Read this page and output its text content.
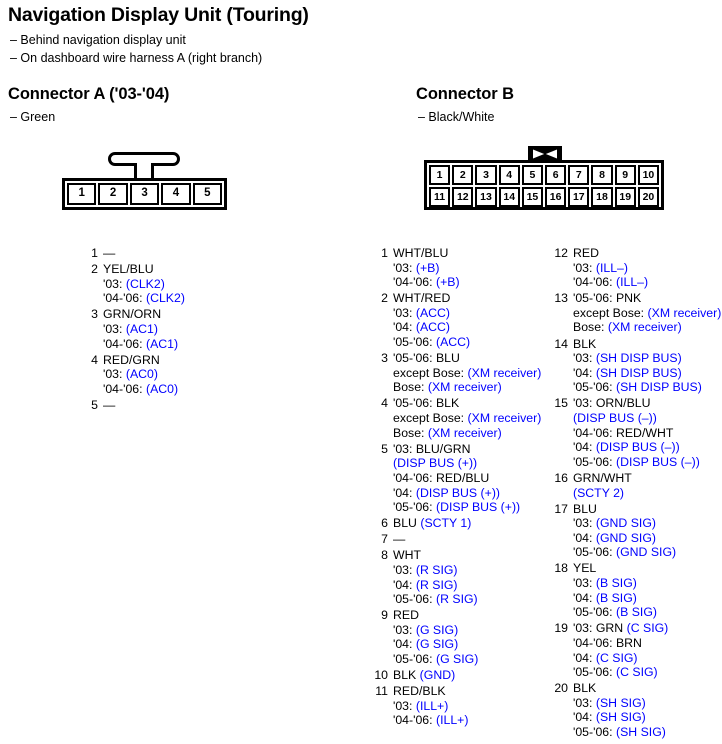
Navigation Display Unit (Touring)
– Behind navigation display unit
– On dashboard wire harness A (right branch)
Connector A ('03-'04)
– Green
1	2	3	4	5
Connector B
– Black/White
1	2	3	4	5	6	7	8	9	10
11	12	13	14	15	16	17	18	19	20
1 —
2 YEL/BLU
'03: (CLK2)
'04-'06: (CLK2)
3 GRN/ORN
'03: (AC1)
'04-'06: (AC1)
4 RED/GRN
'03: (AC0)
'04-'06: (AC0)
5 —
1 WHT/BLU
'03: (+B)
'04-'06: (+B)
2 WHT/RED
'03: (ACC)
'04: (ACC)
'05-'06: (ACC)
3 '05-'06: BLU
except Bose: (XM receiver)
Bose: (XM receiver)
4 '05-'06: BLK
except Bose: (XM receiver)
Bose: (XM receiver)
5 '03: BLU/GRN
(DISP BUS (+))
'04-'06: RED/BLU
'04: (DISP BUS (+))
'05-'06: (DISP BUS (+))
6 BLU (SCTY 1)
7 —
8 WHT
'03: (R SIG)
'04: (R SIG)
'05-'06: (R SIG)
9 RED
'03: (G SIG)
'04: (G SIG)
'05-'06: (G SIG)
10 BLK (GND)
11 RED/BLK
'03: (ILL+)
'04-'06: (ILL+)
12 RED
'03: (ILL–)
'04-'06: (ILL–)
13 '05-'06: PNK
except Bose: (XM receiver)
Bose: (XM receiver)
14 BLK
'03: (SH DISP BUS)
'04: (SH DISP BUS)
'05-'06: (SH DISP BUS)
15 '03: ORN/BLU
(DISP BUS (–))
'04-'06: RED/WHT
'04: (DISP BUS (–))
'05-'06: (DISP BUS (–))
16 GRN/WHT
(SCTY 2)
17 BLU
'03: (GND SIG)
'04: (GND SIG)
'05-'06: (GND SIG)
18 YEL
'03: (B SIG)
'04: (B SIG)
'05-'06: (B SIG)
19 '03: GRN (C SIG)
'04-'06: BRN
'04: (C SIG)
'05-'06: (C SIG)
20 BLK
'03: (SH SIG)
'04: (SH SIG)
'05-'06: (SH SIG)
